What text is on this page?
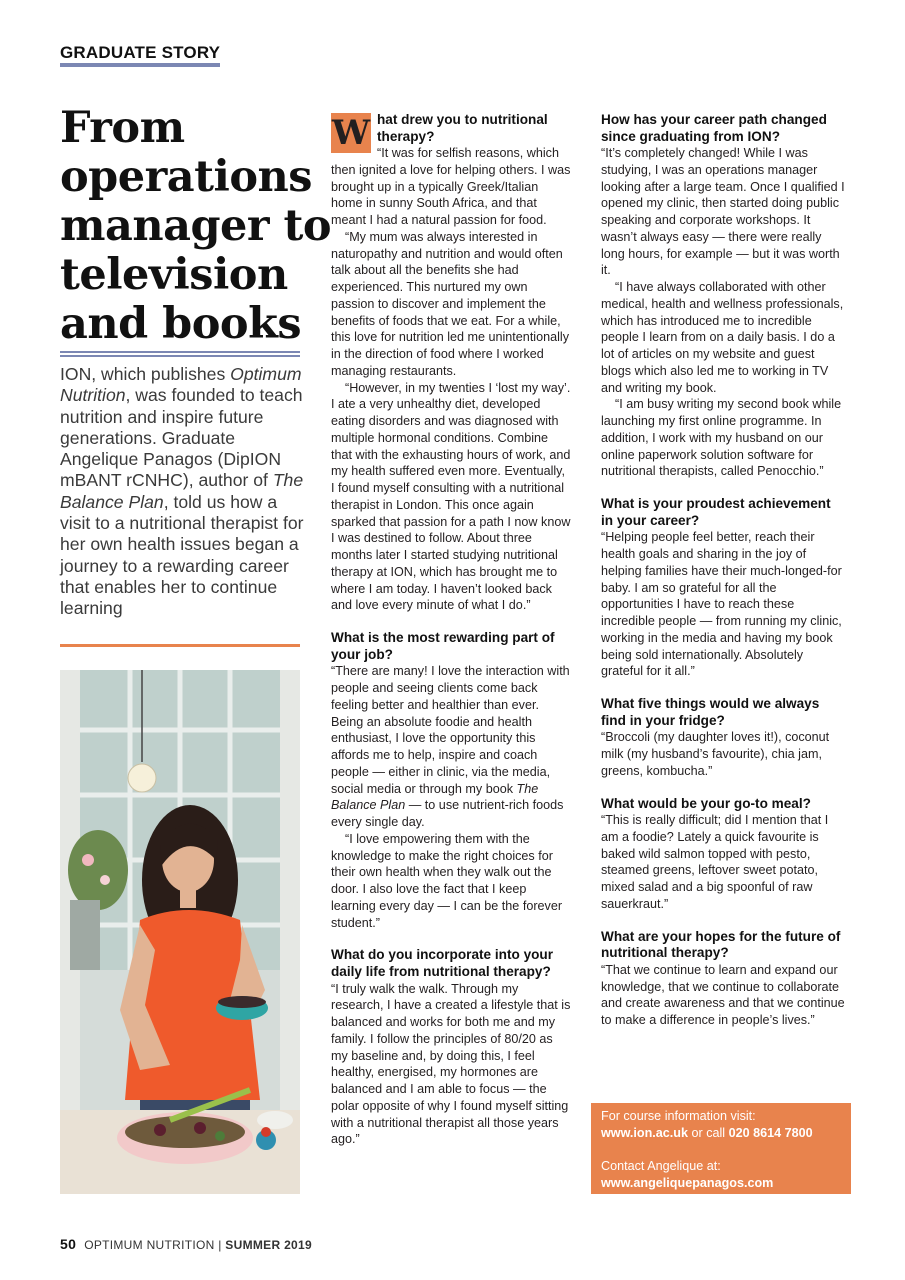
GRADUATE STORY
From operations manager to television and books

ION, which publishes Optimum Nutrition, was founded to teach nutrition and inspire future generations. Graduate Angelique Panagos (DipION mBANT rCNHC), author of The Balance Plan, told us how a visit to a nutritional therapist for her own health issues began a journey to a rewarding career that enables her to continue learning

W hat drew you to nutritional therapy?

“It was for selfish reasons, which then ignited a love for helping others. I was brought up in a typically Greek/Italian home in sunny South Africa, and that meant I had a natural passion for food.

“My mum was always interested in naturopathy and nutrition and would often talk about all the benefits she had experienced. This nurtured my own passion to discover and implement the benefits of foods that we eat. For a while, this love for nutrition led me unintentionally in the direction of food where I worked managing restaurants.

“However, in my twenties I ‘lost my way’. I ate a very unhealthy diet, developed eating disorders and was diagnosed with multiple hormonal conditions. Combine that with the exhausting hours of work, and my health suffered even more. Eventually, I found myself consulting with a nutritional therapist in London. This once again sparked that passion for a path I now know I was destined to follow. About three months later I started studying nutritional therapy at ION, which has brought me to where I am today. I haven’t looked back and love every minute of what I do.”

What is the most rewarding part of your job?

“There are many! I love the interaction with people and seeing clients come back feeling better and healthier than ever. Being an absolute foodie and health enthusiast, I love the opportunity this affords me to help, inspire and coach people — either in clinic, via the media, social media or through my book The Balance Plan — to use nutrient-rich foods every single day.

“I love empowering them with the knowledge to make the right choices for their own health when they walk out the door. I also love the fact that I keep learning every day — I can be the forever student.”

What do you incorporate into your daily life from nutritional therapy?

“I truly walk the walk. Through my research, I have a created a lifestyle that is balanced and works for both me and my family. I follow the principles of 80/20 as my baseline and, by doing this, I feel healthy, energised, my hormones are balanced and I am able to focus — the polar opposite of why I found myself sitting with a nutritional therapist all those years ago.”

How has your career path changed since graduating from ION?

“It’s completely changed! While I was studying, I was an operations manager looking after a large team. Once I qualified I opened my clinic, then started doing public speaking and corporate workshops. It wasn’t always easy — there were really long hours, for example — but it was worth it.

“I have always collaborated with other medical, health and wellness professionals, which has introduced me to incredible people I learn from on a daily basis. I do a lot of articles on my website and guest blogs which also led me to working in TV and writing my book.

“I am busy writing my second book while launching my first online programme. In addition, I work with my husband on our online paperwork solution software for nutritional therapists, called Penocchio.”

What is your proudest achievement in your career?

“Helping people feel better, reach their health goals and sharing in the joy of helping families have their much-longed-for baby. I am so grateful for all the opportunities I have to reach these incredible people — from running my clinic, working in the media and having my book being sold internationally. Absolutely grateful for it all.”

What five things would we always find in your fridge?

“Broccoli (my daughter loves it!), coconut milk (my husband’s favourite), chia jam, greens, kombucha.”

What would be your go-to meal?

“This is really difficult; did I mention that I am a foodie? Lately a quick favourite is baked wild salmon topped with pesto, steamed greens, leftover sweet potato, mixed salad and a big spoonful of raw sauerkraut.”

What are your hopes for the future of nutritional therapy?

“That we continue to learn and expand our knowledge, that we continue to collaborate and create awareness and that we continue to make a difference in people’s lives.”

For course information visit:

www.ion.ac.uk or call 020 8614 7800

Contact Angelique at:

www.angeliquepanagos.com

50 OPTIMUM NUTRITION | SUMMER 2019
